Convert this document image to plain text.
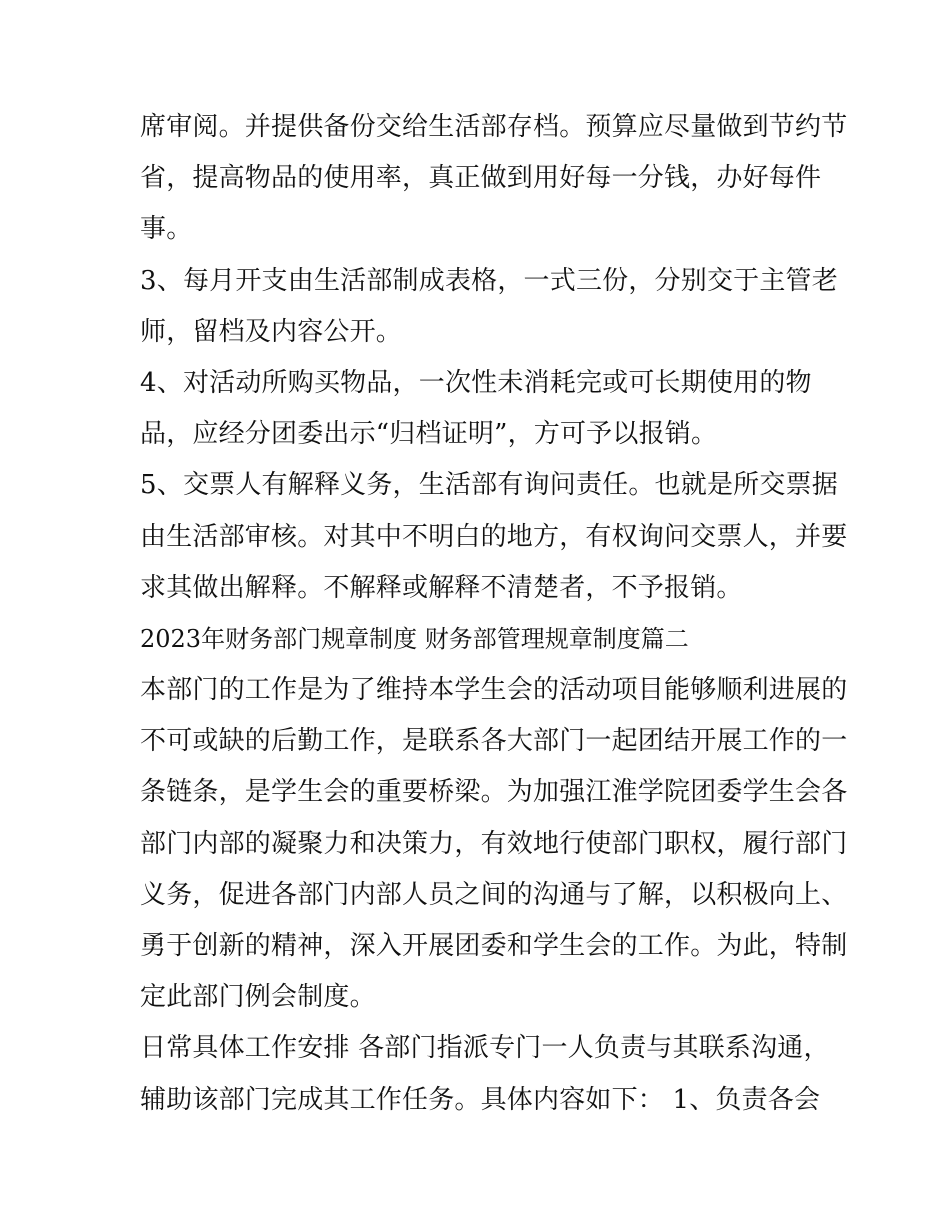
席审阅。并提供备份交给生活部存档。预算应尽量做到节约节
省，提高物品的使用率，真正做到用好每一分钱，办好每件
事。
3、每月开支由生活部制成表格，一式三份，分别交于主管老
师，留档及内容公开。
4、对活动所购买物品，一次性未消耗完或可长期使用的物
品，应经分团委出示“归档证明”，方可予以报销。
5、交票人有解释义务，生活部有询问责任。也就是所交票据
由生活部审核。对其中不明白的地方，有权询问交票人，并要
求其做出解释。不解释或解释不清楚者，不予报销。
2023年财务部门规章制度 财务部管理规章制度篇二
本部门的工作是为了维持本学生会的活动项目能够顺利进展的
不可或缺的后勤工作，是联系各大部门一起团结开展工作的一
条链条，是学生会的重要桥梁。为加强江淮学院团委学生会各
部门内部的凝聚力和决策力，有效地行使部门职权，履行部门
义务，促进各部门内部人员之间的沟通与了解，以积极向上、
勇于创新的精神，深入开展团委和学生会的工作。为此，特制
定此部门例会制度。
日常具体工作安排 各部门指派专门一人负责与其联系沟通，
辅助该部门完成其工作任务。具体内容如下： 1、负责各会
